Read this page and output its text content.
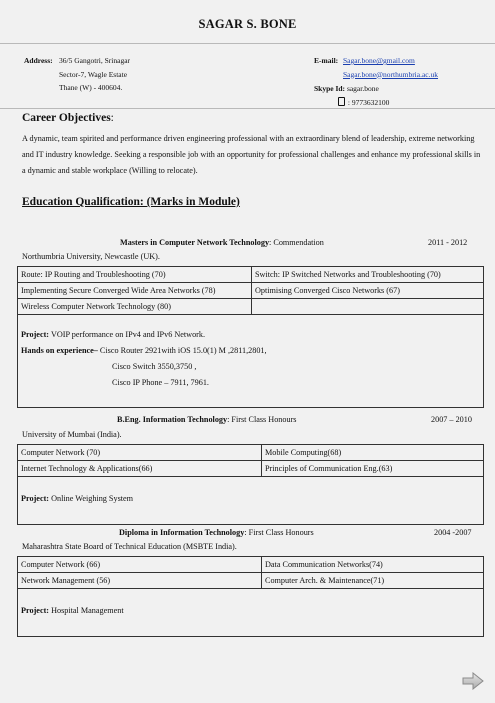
SAGAR S. BONE
Address: 36/5 Gangotri, Srinagar
Sector-7, Wagle Estate
Thane (W) - 400604.
E-mail: Sagar.bone@gmail.com
Sagar.bone@northumbria.ac.uk
Skype Id: sagar.bone
: 9773632100
Career Objectives:
A dynamic, team spirited and performance driven engineering professional with an extraordinary blend of leadership, extreme networking and IT industry knowledge. Seeking a responsible job with an opportunity for professional challenges and enhance my professional skills in a dynamic and stable workplace (Willing to relocate).
Education Qualification: (Marks in Module)
Masters in Computer Network Technology: Commendation	2011 - 2012
Northumbria University, Newcastle (UK).
Route: IP Routing and Troubleshooting (70)	Switch: IP Switched Networks and Troubleshooting (70)
Implementing Secure Converged Wide Area Networks (78)	Optimising Converged Cisco Networks (67)
Wireless Computer Network Technology (80)	

Project: VOIP performance on IPv4 and IPv6 Network.
Hands on experience– Cisco Router 2921with iOS 15.0(1) M ,2811,2801,
Cisco Switch 3550,3750 ,
Cisco IP Phone – 7911, 7961.	
B.Eng. Information Technology: First Class Honours	2007 – 2010
University of Mumbai (India).
Computer Network (70)	Mobile Computing(68)
Internet Technology & Applications(66)	Principles of Communication Eng.(63)

Project: Online Weighing System	
Diploma in Information Technology: First Class Honours	2004 -2007
Maharashtra State Board of Technical Education (MSBTE India).
Computer Network (66)	Data Communication Networks(74)
Network Management (56)	Computer Arch. & Maintenance(71)

Project: Hospital Management	
